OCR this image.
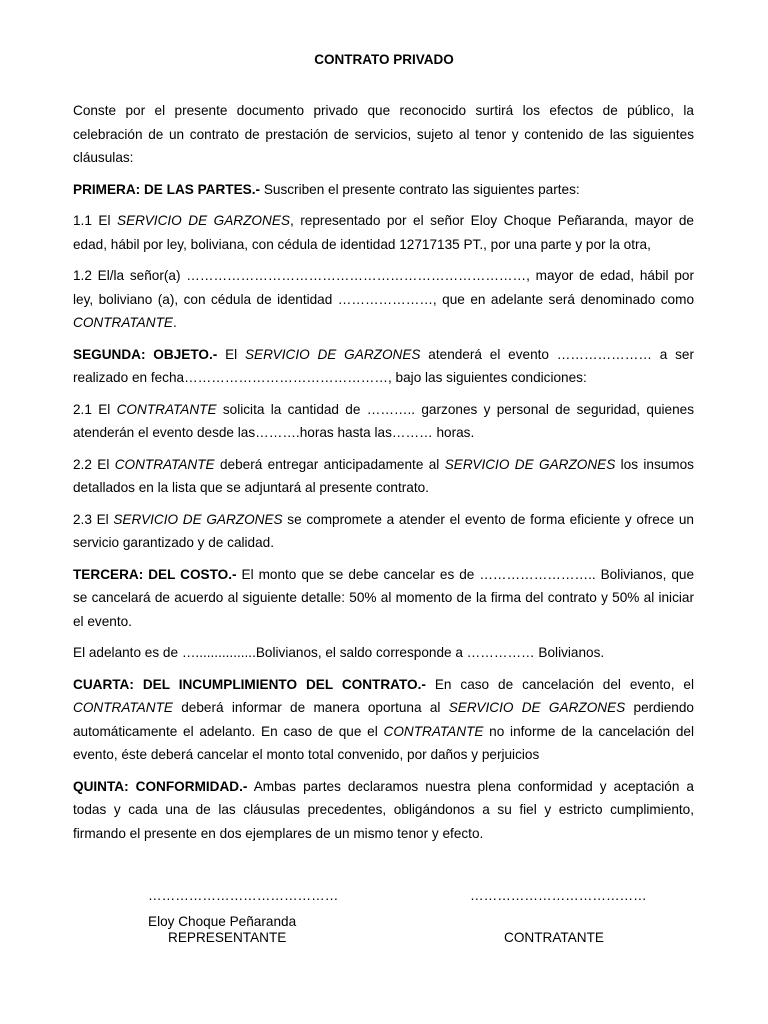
CONTRATO PRIVADO

Conste por el presente documento privado que reconocido surtirá los efectos de público, la celebración de un contrato de prestación de servicios, sujeto al tenor y contenido de las siguientes cláusulas:

PRIMERA: DE LAS PARTES.- Suscriben el presente contrato las siguientes partes:

1.1 El SERVICIO DE GARZONES, representado por el señor Eloy Choque Peñaranda, mayor de edad, hábil por ley, boliviana, con cédula de identidad 12717135 PT., por una parte y por la otra,

1.2 El/la señor(a) …………………………………………………………………, mayor de edad, hábil por ley, boliviano (a), con cédula de identidad …………………, que en adelante será denominado como CONTRATANTE.

SEGUNDA: OBJETO.- El SERVICIO DE GARZONES atenderá el evento ………………… a ser realizado en fecha………………………………………, bajo las siguientes condiciones:

2.1 El CONTRATANTE solicita la cantidad de ……….. garzones y personal de seguridad, quienes atenderán el evento desde las……….horas hasta las……… horas.

2.2 El CONTRATANTE deberá entregar anticipadamente al SERVICIO DE GARZONES los insumos detallados en la lista que se adjuntará al presente contrato.

2.3 El SERVICIO DE GARZONES se compromete a atender el evento de forma eficiente y ofrece un servicio garantizado y de calidad.

TERCERA: DEL COSTO.- El monto que se debe cancelar es de …………………….. Bolivianos, que se cancelará de acuerdo al siguiente detalle: 50% al momento de la firma del contrato y 50% al iniciar el evento.

El adelanto es de …................Bolivianos, el saldo corresponde a …………… Bolivianos.

CUARTA: DEL INCUMPLIMIENTO DEL CONTRATO.- En caso de cancelación del evento, el CONTRATANTE deberá informar de manera oportuna al SERVICIO DE GARZONES perdiendo automáticamente el adelanto. En caso de que el CONTRATANTE no informe de la cancelación del evento, éste deberá cancelar el monto total convenido, por daños y perjuicios

QUINTA: CONFORMIDAD.- Ambas partes declaramos nuestra plena conformidad y aceptación a todas y cada una de las cláusulas precedentes, obligándonos a su fiel y estricto cumplimiento, firmando el presente en dos ejemplares de un mismo tenor y efecto.

……………………………………
Eloy Choque Peñaranda
REPRESENTANTE
…………………………………
CONTRATANTE
